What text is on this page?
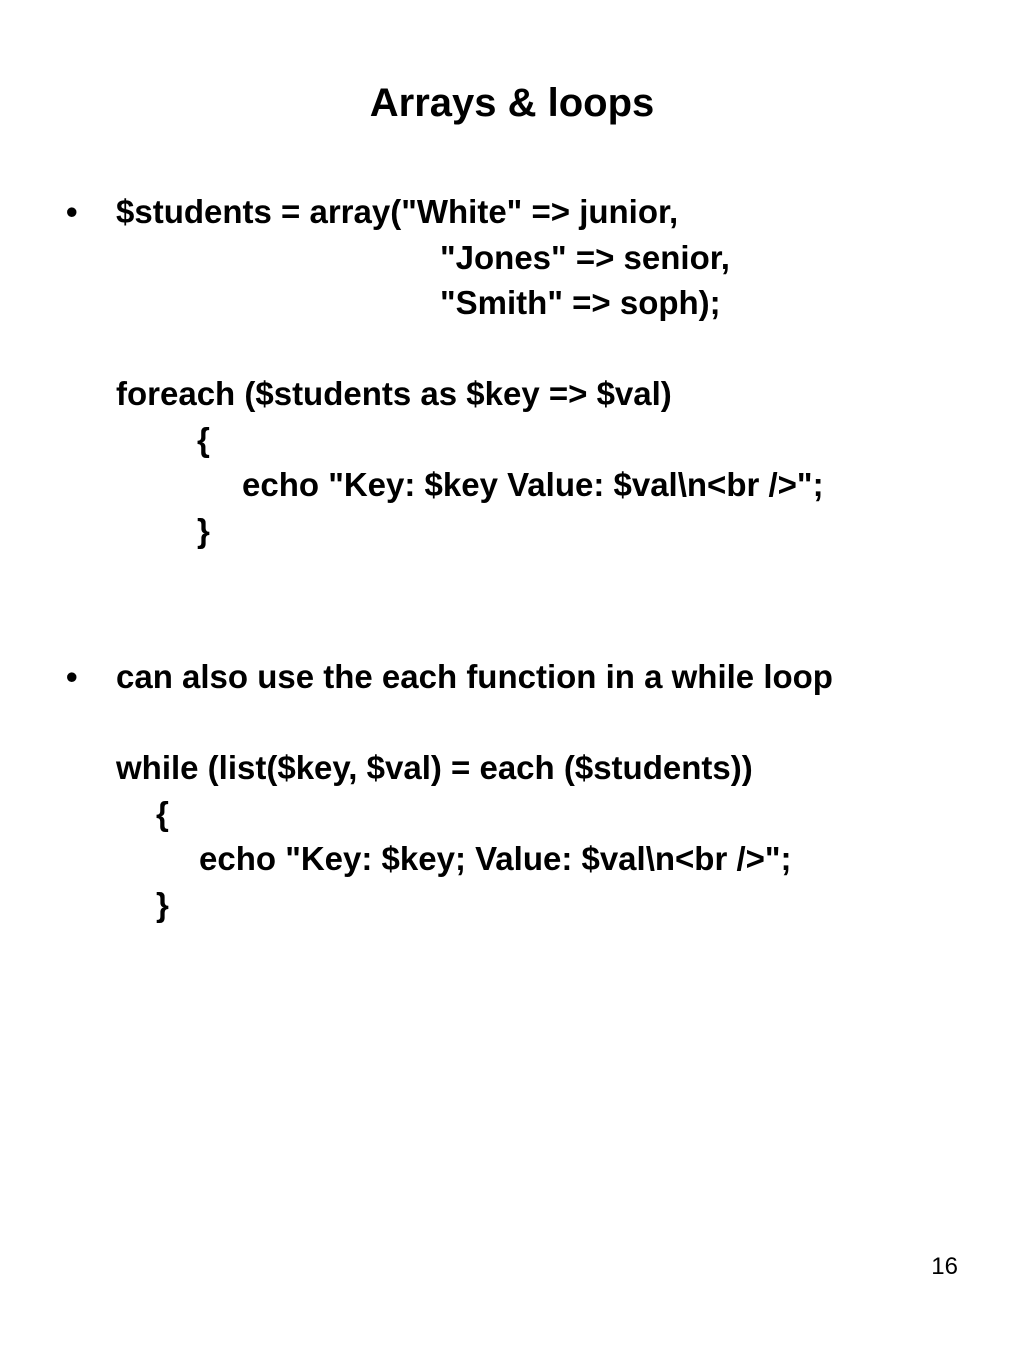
Arrays & loops
• $students = array("White" => junior,
"Jones" => senior,
"Smith" => soph);
foreach ($students as $key => $val)
{
echo "Key: $key Value: $val\n<br />";
}
• can also use the each function in a while loop
while (list($key, $val) = each ($students))
{
echo "Key: $key; Value: $val\n<br />";
}
16
